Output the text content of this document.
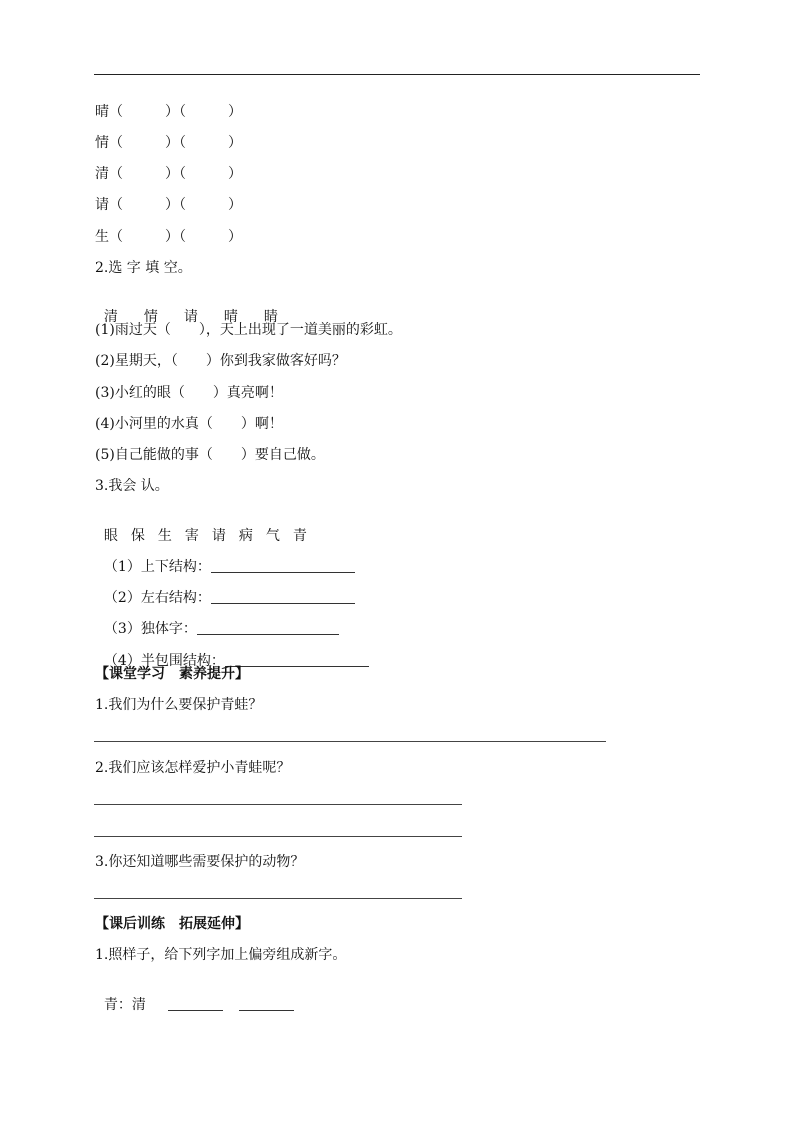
晴（　　　）（　　　）
情（　　　）（　　　）
清（　　　）（　　　）
请（　　　）（　　　）
生（　　　）（　　　）
2.选 字 填 空。

清 情 请 晴 睛

(1)雨过天（　　），天上出现了一道美丽的彩虹。
(2)星期天，（　　）你到我家做客好吗？
(3)小红的眼（　　）真亮啊！
(4)小河里的水真（　　）啊！
(5)自己能做的事（　　）要自己做。
3.我会 认。

眼 保 生 害 请 病 气 青

（1）上下结构：

（2）左右结构：

（3）独体字：

（4）半包围结构：

【课堂学习　素养提升】
1.我们为什么要保护青蛙？
2.我们应该怎样爱护小青蛙呢？
3.你还知道哪些需要保护的动物？
【课后训练　拓展延伸】
1.照样子，给下列字加上偏旁组成新字。

青：清
